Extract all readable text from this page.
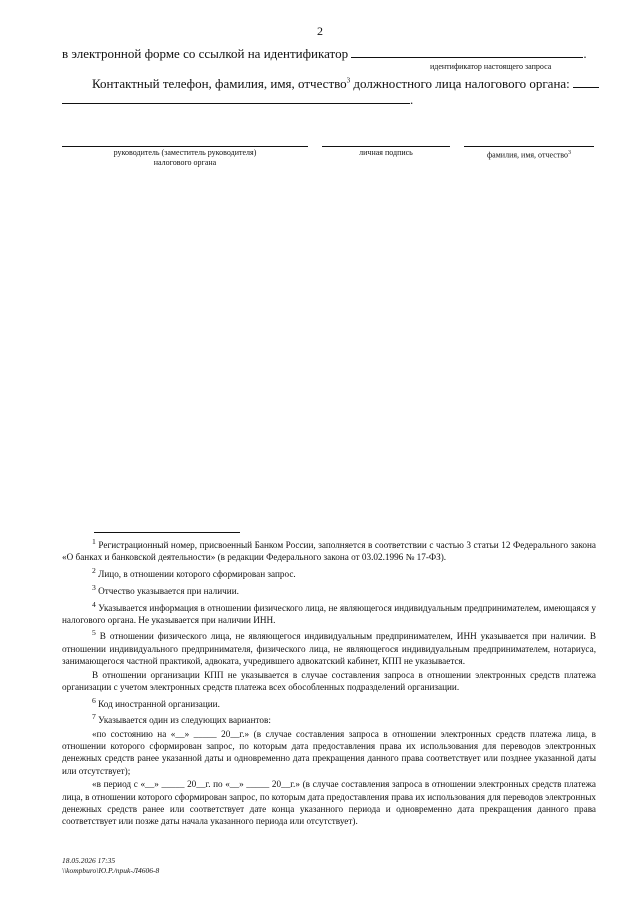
2
в электронной форме со ссылкой на идентификатор	.
идентификатор настоящего запроса
Контактный телефон, фамилия, имя, отчество$^3$ должностного лица налогового органа:
.
руководитель (заместитель руководителя)
налогового органа
личная подпись	фамилия, имя, отчество$^3$

$^1$ Регистрационный номер, присвоенный Банком России, заполняется в соответствии с частью 3 статьи 12 Федерального закона «О банках и банковской деятельности» (в редакции Федерального закона от 03.02.1996 № 17-ФЗ).

$^2$ Лицо, в отношении которого сформирован запрос.

$^3$ Отчество указывается при наличии.

$^4$ Указывается информация в отношении физического лица, не являющегося индивидуальным предпринимателем, имеющаяся у налогового органа. Не указывается при наличии ИНН.

$^5$ В отношении физического лица, не являющегося индивидуальным предпринимателем, ИНН указывается при наличии. В отношении индивидуального предпринимателя, физического лица, не являющегося индивидуальным предпринимателем, нотариуса, занимающегося частной практикой, адвоката, учредившего адвокатский кабинет, КПП не указывается.

В отношении организации КПП не указывается в случае составления запроса в отношении электронных средств платежа организации с учетом электронных средств платежа всех обособленных подразделений организации.

$^6$ Код иностранной организации.

$^7$ Указывается один из следующих вариантов:

«по состоянию на «__» _____ 20__г.» (в случае составления запроса в отношении электронных средств платежа лица, в отношении которого сформирован запрос, по которым дата предоставления права их использования для переводов электронных денежных средств ранее указанной даты и одновременно дата прекращения данного права соответствует или позднее указанной даты или отсутствует);

«в период с «__» _____ 20__г. по «__» _____ 20__г.» (в случае составления запроса в отношении электронных средств платежа лица, в отношении которого сформирован запрос, по которым дата предоставления права их использования для переводов электронных денежных средств ранее или соответствует дате конца указанного периода и одновременно дата прекращения данного права соответствует или позже даты начала указанного периода или отсутствует).

18.05.2026 17:35
\\kompburo\Ю.Р./приk-Л4606-8
